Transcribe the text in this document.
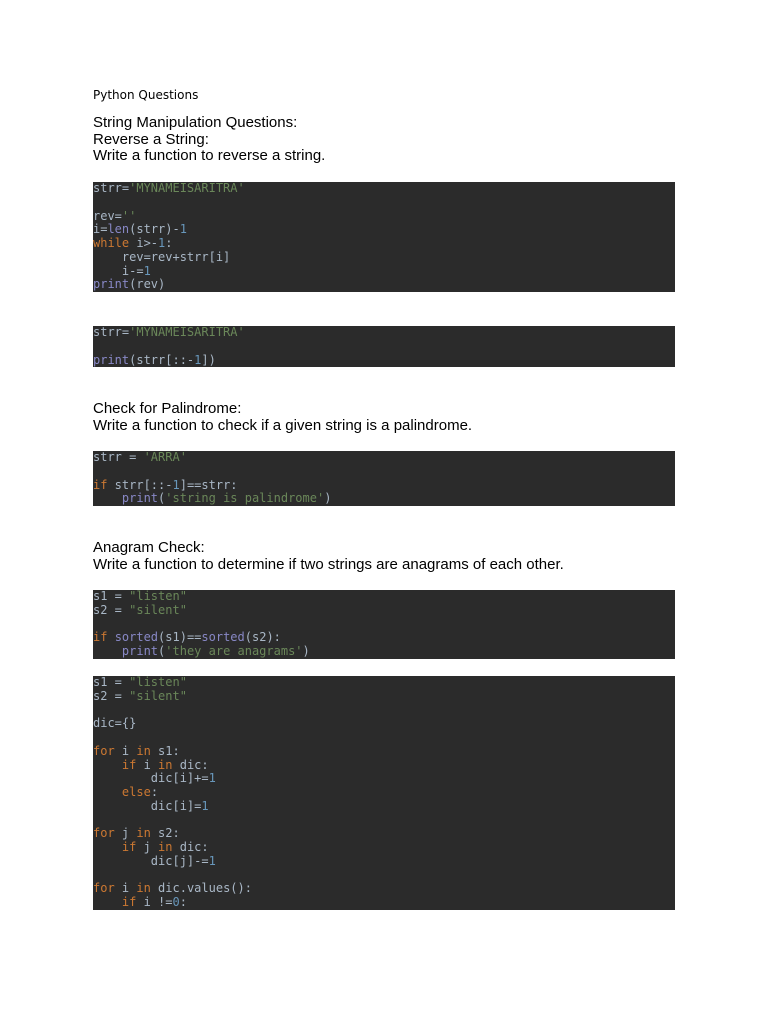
Python Questions
String Manipulation Questions:
Reverse a String:
Write a function to reverse a string.
strr='MYNAMEISARITRA'
rev=''
i=len(strr)-1
while i>-1:
rev=rev+strr[i]
i-=1
print(rev)
strr='MYNAMEISARITRA'
print(strr[::-1])
Check for Palindrome:
Write a function to check if a given string is a palindrome.
strr = 'ARRA'
if strr[::-1]==strr:
print('string is palindrome')
Anagram Check:
Write a function to determine if two strings are anagrams of each other.
s1 = "listen"
s2 = "silent"
if sorted(s1)==sorted(s2):
print('they are anagrams')
s1 = "listen"
s2 = "silent"
dic={}
for i in s1:
if i in dic:
dic[i]+=1
else:
dic[i]=1
for j in s2:
if j in dic:
dic[j]-=1
for i in dic.values():
if i !=0:
